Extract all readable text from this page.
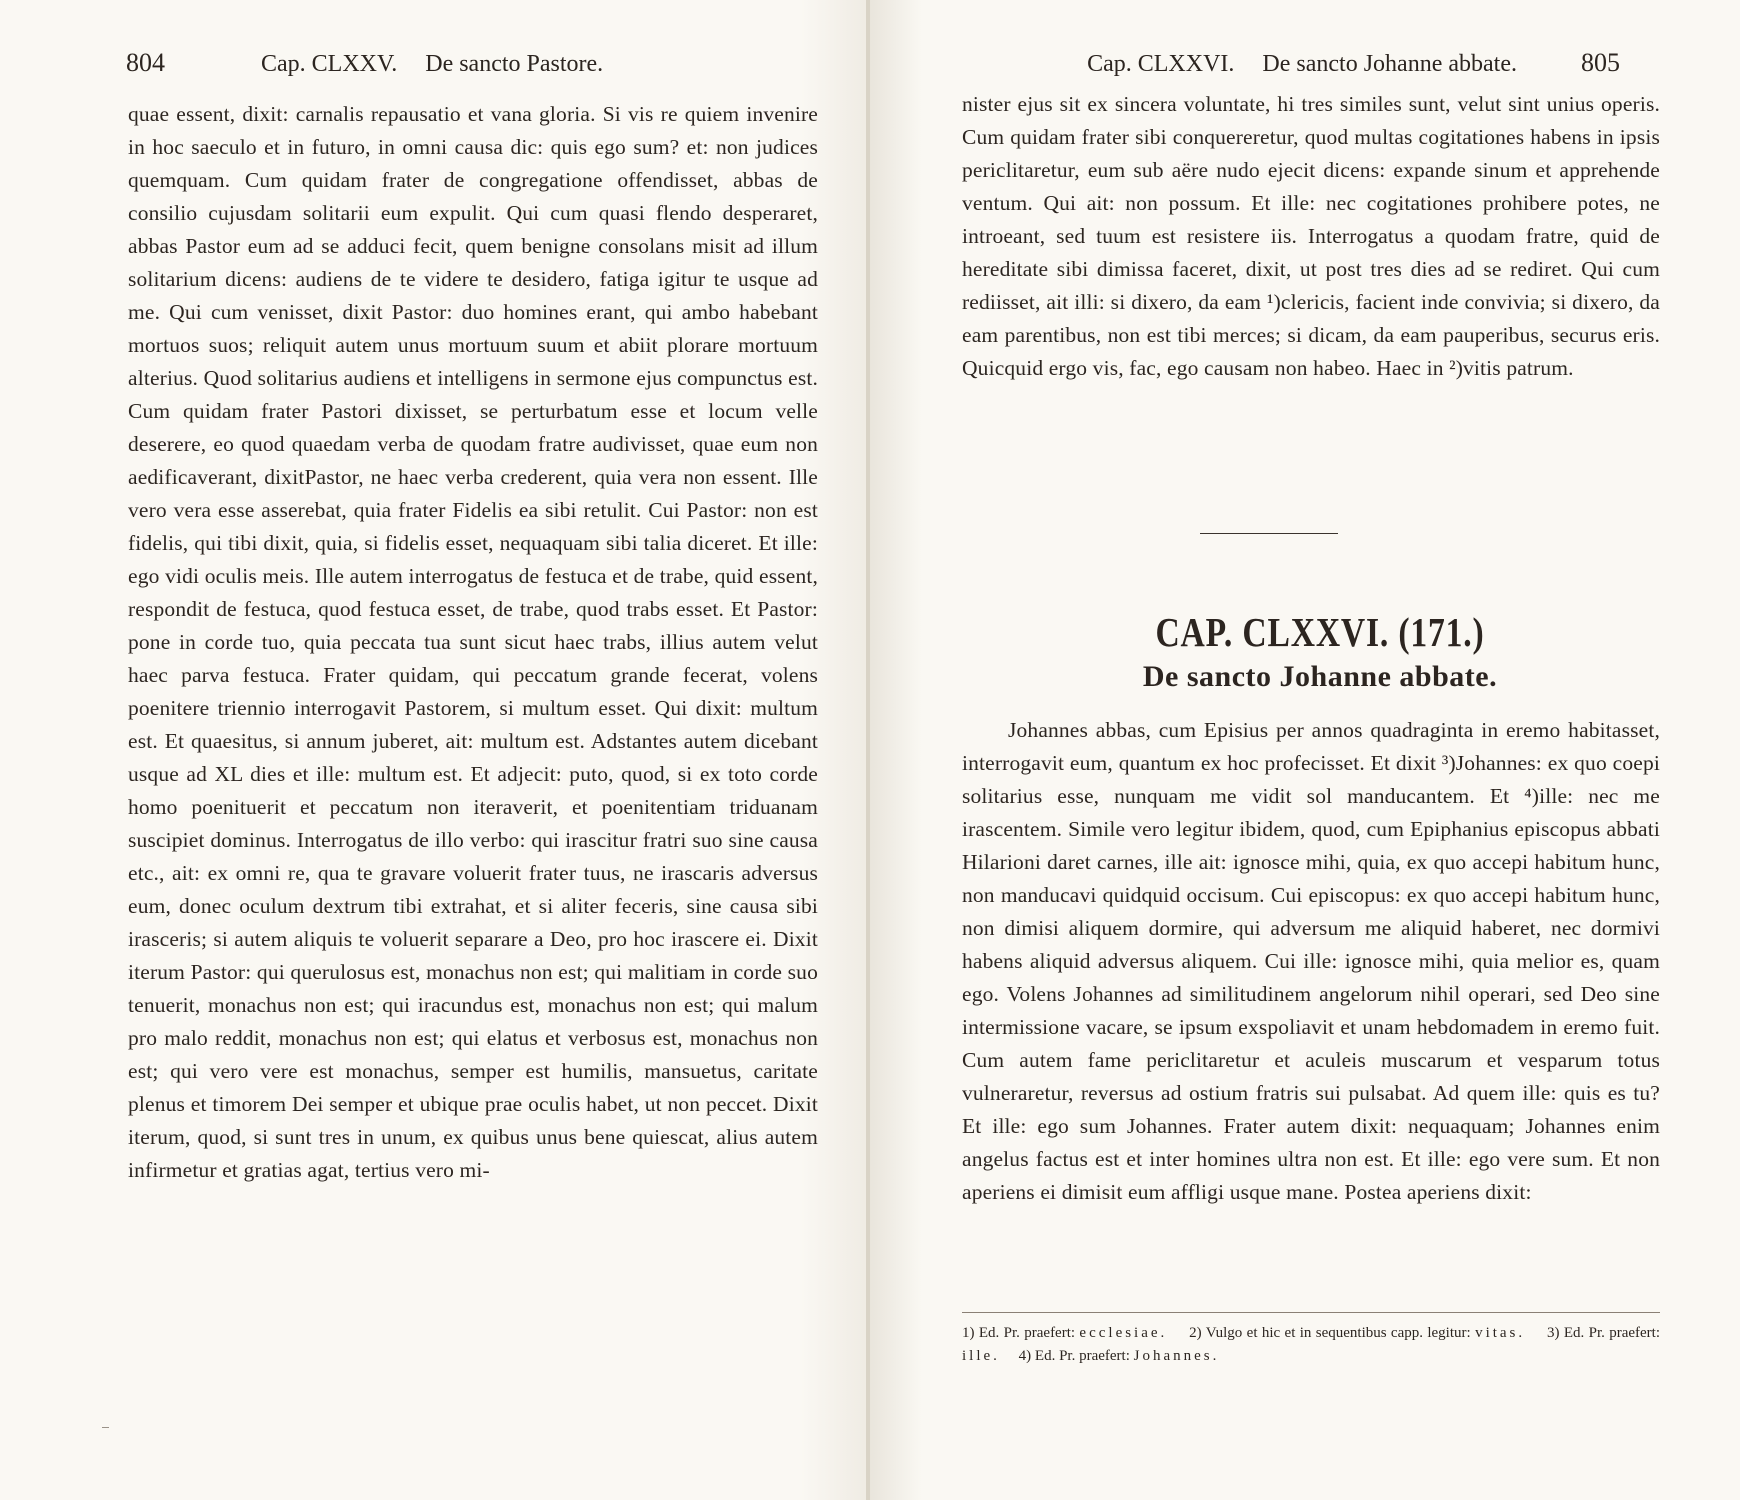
804	Cap. CLXXV. De sancto Pastore.

quae essent, dixit: carnalis repausatio et vana gloria. Si vis re quiem invenire in hoc saeculo et in futuro, in omni causa dic: quis ego sum? et: non judices quemquam. Cum quidam frater de congregatione offendisset, abbas de consilio cujusdam solitarii eum expulit. Qui cum quasi flendo desperaret, abbas Pastor eum ad se adduci fecit, quem benigne consolans misit ad illum solitarium dicens: audiens de te videre te desidero, fatiga igitur te usque ad me. Qui cum venisset, dixit Pastor: duo homines erant, qui ambo habebant mortuos suos; reliquit autem unus mortuum suum et abiit plorare mortuum alterius. Quod solitarius audiens et intelligens in sermone ejus compunctus est. Cum quidam frater Pastori dixisset, se perturbatum esse et locum velle deserere, eo quod quaedam verba de quodam fratre audivisset, quae eum non aedificaverant, dixitPastor, ne haec verba crederent, quia vera non essent. Ille vero vera esse asserebat, quia frater Fidelis ea sibi retulit. Cui Pastor: non est fidelis, qui tibi dixit, quia, si fidelis esset, nequaquam sibi talia diceret. Et ille: ego vidi oculis meis. Ille autem interrogatus de festuca et de trabe, quid essent, respondit de festuca, quod festuca esset, de trabe, quod trabs esset. Et Pastor: pone in corde tuo, quia peccata tua sunt sicut haec trabs, illius autem velut haec parva festuca. Frater quidam, qui peccatum grande fecerat, volens poenitere triennio interrogavit Pastorem, si multum esset. Qui dixit: multum est. Et quaesitus, si annum juberet, ait: multum est. Adstantes autem dicebant usque ad XL dies et ille: multum est. Et adjecit: puto, quod, si ex toto corde homo poenituerit et peccatum non iteraverit, et poenitentiam triduanam suscipiet dominus. Interrogatus de illo verbo: qui irascitur fratri suo sine causa etc., ait: ex omni re, qua te gravare voluerit frater tuus, ne irascaris adversus eum, donec oculum dextrum tibi extrahat, et si aliter feceris, sine causa sibi irasceris; si autem aliquis te voluerit separare a Deo, pro hoc irascere ei. Dixit iterum Pastor: qui querulosus est, monachus non est; qui malitiam in corde suo tenuerit, monachus non est; qui iracundus est, monachus non est; qui malum pro malo reddit, monachus non est; qui elatus et verbosus est, monachus non est; qui vero vere est monachus, semper est humilis, mansuetus, caritate plenus et timorem Dei semper et ubique prae oculis habet, ut non peccet. Dixit iterum, quod, si sunt tres in unum, ex quibus unus bene quiescat, alius autem infirmetur et gratias agat, tertius vero mi-

Cap. CLXXVI. De sancto Johanne abbate. 805

nister ejus sit ex sincera voluntate, hi tres similes sunt, velut sint unius operis. Cum quidam frater sibi conquereretur, quod multas cogitationes habens in ipsis periclitaretur, eum sub aëre nudo ejecit dicens: expande sinum et apprehende ventum. Qui ait: non possum. Et ille: nec cogitationes prohibere potes, ne introeant, sed tuum est resistere iis. Interrogatus a quodam fratre, quid de hereditate sibi dimissa faceret, dixit, ut post tres dies ad se rediret. Qui cum rediisset, ait illi: si dixero, da eam ¹)clericis, facient inde convivia; si dixero, da eam parentibus, non est tibi merces; si dicam, da eam pauperibus, securus eris. Quicquid ergo vis, fac, ego causam non habeo. Haec in ²)vitis patrum.

CAP. CLXXVI. (171.)
De sancto Johanne abbate.

Johannes abbas, cum Episius per annos quadraginta in eremo habitasset, interrogavit eum, quantum ex hoc profecisset. Et dixit ³)Johannes: ex quo coepi solitarius esse, nunquam me vidit sol manducantem. Et ⁴)ille: nec me irascentem. Simile vero legitur ibidem, quod, cum Epiphanius episcopus abbati Hilarioni daret carnes, ille ait: ignosce mihi, quia, ex quo accepi habitum hunc, non manducavi quidquid occisum. Cui episcopus: ex quo accepi habitum hunc, non dimisi aliquem dormire, qui adversum me aliquid haberet, nec dormivi habens aliquid adversus aliquem. Cui ille: ignosce mihi, quia melior es, quam ego. Volens Johannes ad similitudinem angelorum nihil operari, sed Deo sine intermissione vacare, se ipsum exspoliavit et unam hebdomadem in eremo fuit. Cum autem fame periclitaretur et aculeis muscarum et vesparum totus vulneraretur, reversus ad ostium fratris sui pulsabat. Ad quem ille: quis es tu? Et ille: ego sum Johannes. Frater autem dixit: nequaquam; Johannes enim angelus factus est et inter homines ultra non est. Et ille: ego vere sum. Et non aperiens ei dimisit eum affligi usque mane. Postea aperiens dixit:

1) Ed. Pr. praefert: ecclesiae. 2) Vulgo et hic et in sequentibus capp. legitur: vitas. 3) Ed. Pr. praefert: ille. 4) Ed. Pr. praefert: Johannes.
